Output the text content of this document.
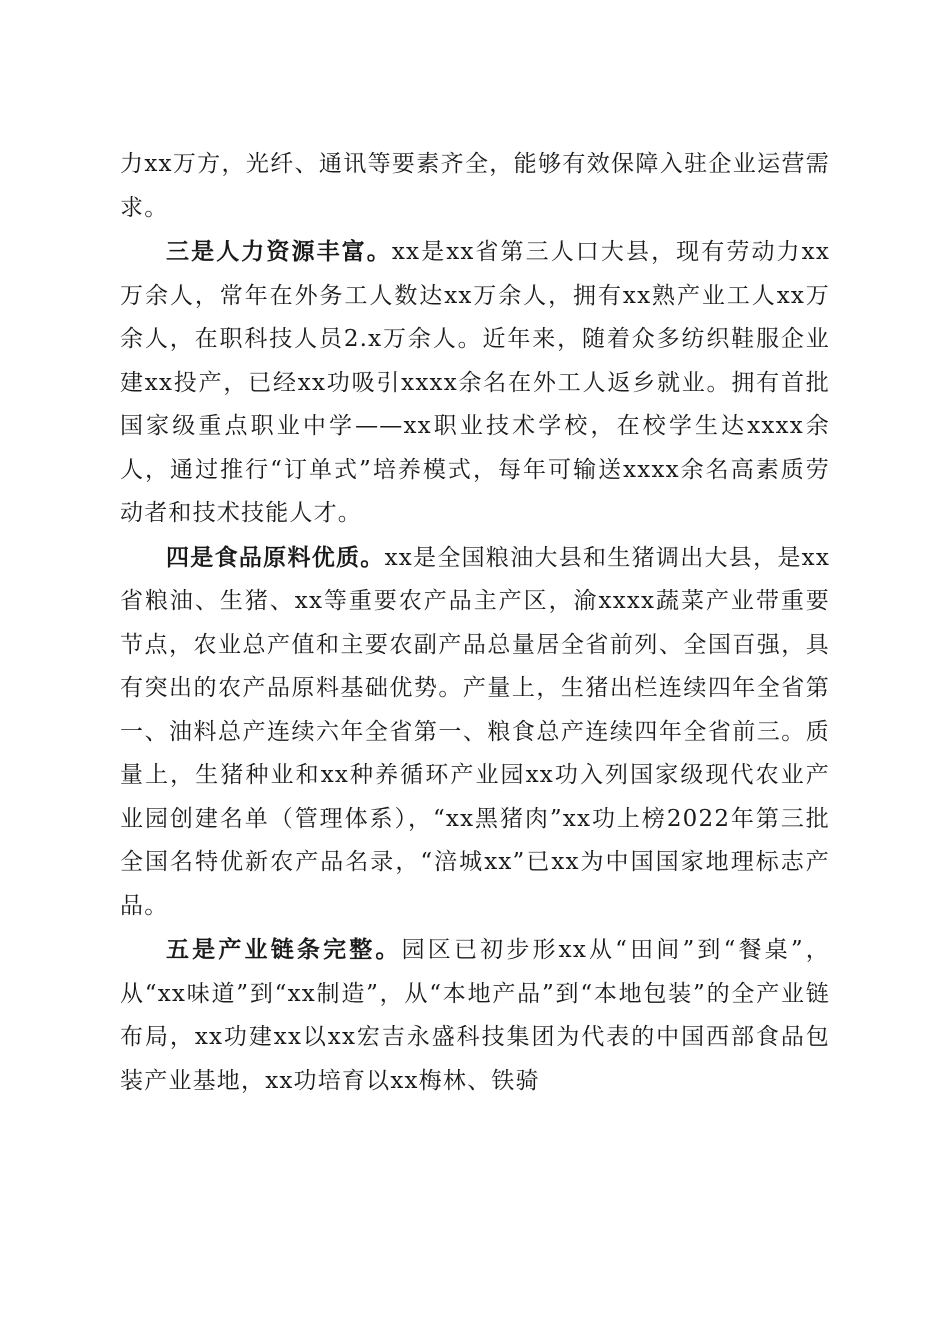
力xx万方，光纤、通讯等要素齐全，能够有效保障入驻企业运营需求。

三是人力资源丰富。xx是xx省第三人口大县，现有劳动力xx万余人，常年在外务工人数达xx万余人，拥有xx熟产业工人xx万余人，在职科技人员2.x万余人。近年来，随着众多纺织鞋服企业建xx投产，已经xx功吸引xxxx余名在外工人返乡就业。拥有首批国家级重点职业中学——xx职业技术学校，在校学生达xxxx余人，通过推行“订单式”培养模式，每年可输送xxxx余名高素质劳动者和技术技能人才。

四是食品原料优质。xx是全国粮油大县和生猪调出大县，是xx省粮油、生猪、xx等重要农产品主产区，渝xxxx蔬菜产业带重要节点，农业总产值和主要农副产品总量居全省前列、全国百强，具有突出的农产品原料基础优势。产量上，生猪出栏连续四年全省第一、油料总产连续六年全省第一、粮食总产连续四年全省前三。质量上，生猪种业和xx种养循环产业园xx功入列国家级现代农业产业园创建名单（管理体系），“xx黑猪肉”xx功上榜2022年第三批全国名特优新农产品名录，“涪城xx”已xx为中国国家地理标志产品。

五是产业链条完整。园区已初步形xx从“田间”到“餐桌”，从“xx味道”到“xx制造”，从“本地产品”到“本地包装”的全产业链布局，xx功建xx以xx宏吉永盛科技集团为代表的中国西部食品包装产业基地，xx功培育以xx梅林、铁骑
